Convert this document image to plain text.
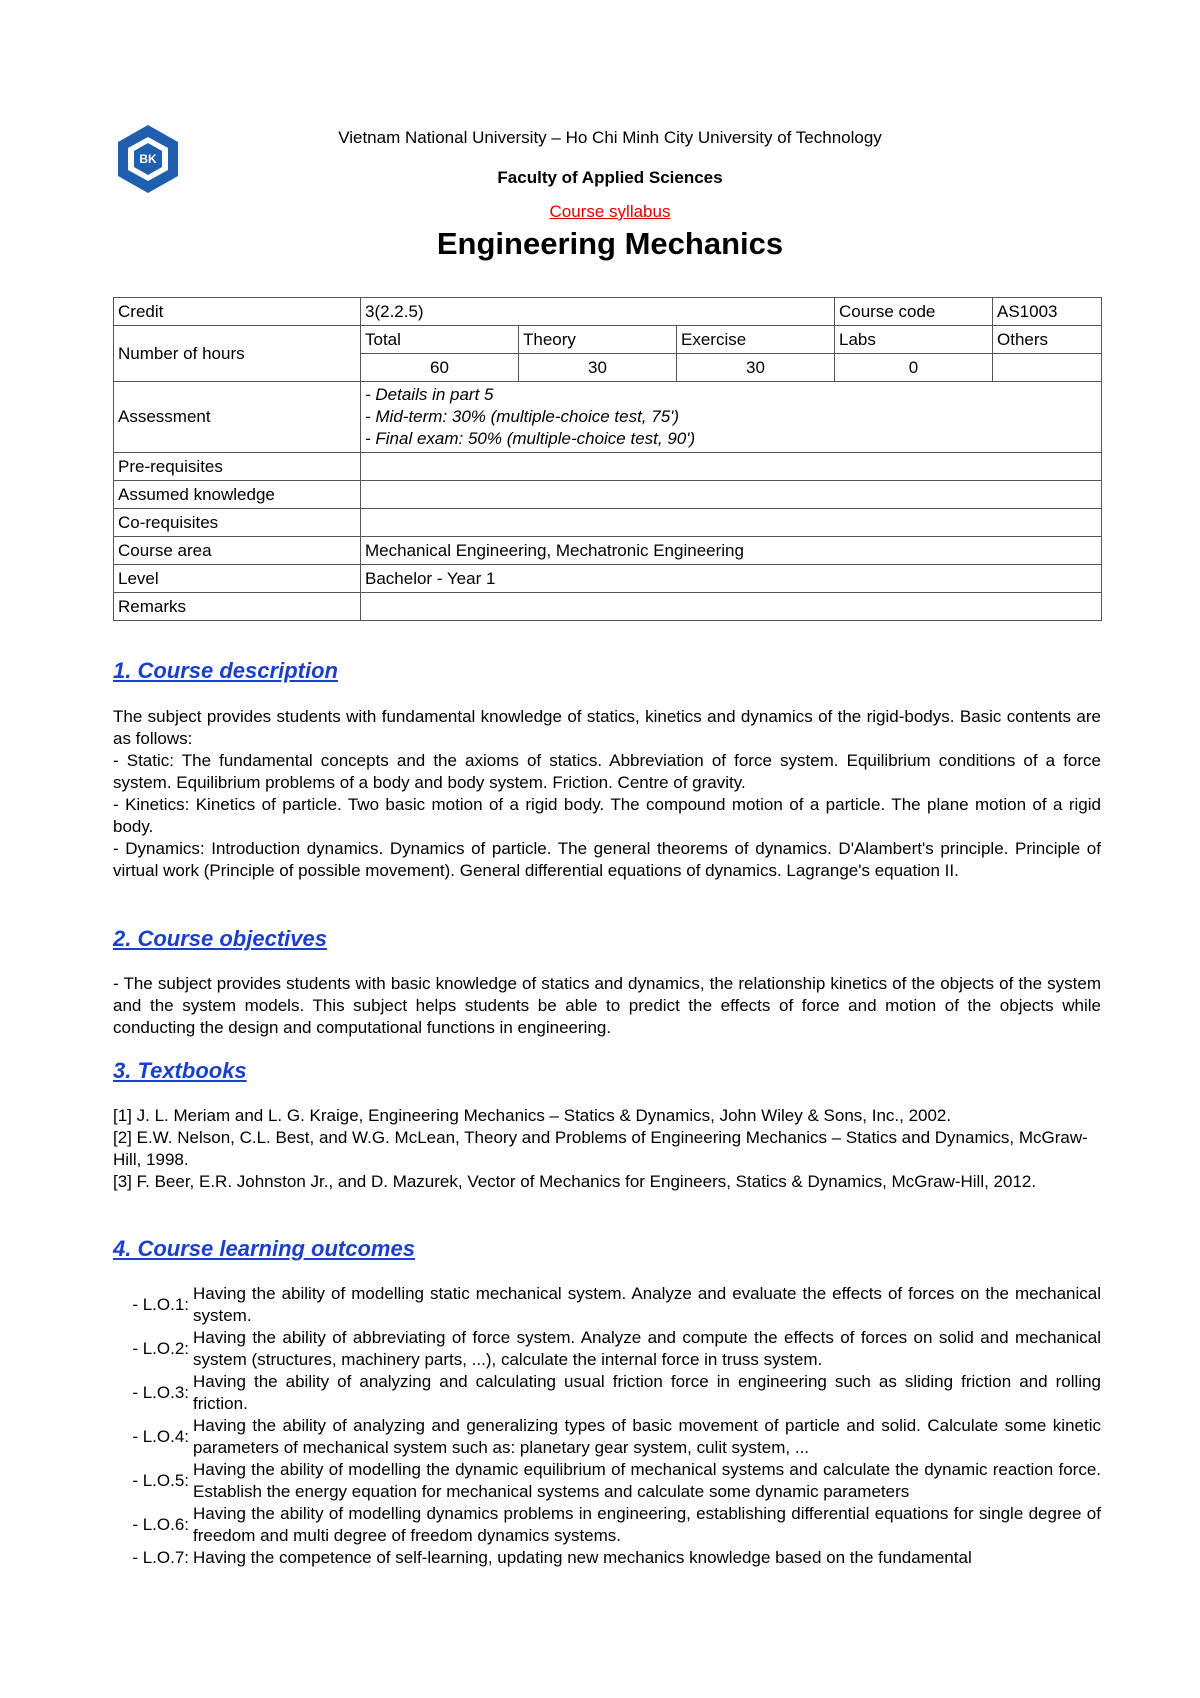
BK
Vietnam National University – Ho Chi Minh City University of Technology
Faculty of Applied Sciences
Course syllabus
Engineering Mechanics
Credit	3(2.2.5)			Course code	AS1003
Number of hours	Total	Theory	Exercise	Labs	Others
	60	30	30	0	
Assessment	- Details in part 5
- Mid-term: 30% (multiple-choice test, 75')
- Final exam: 50% (multiple-choice test, 90')				

Pre-requisites					
Assumed knowledge					
Co-requisites					
Course area	Mechanical Engineering, Mechatronic Engineering				
Level	Bachelor - Year 1				
Remarks					
1. Course description

The subject provides students with fundamental knowledge of statics, kinetics and dynamics of the rigid-bodys. Basic contents are as follows:

- Static: The fundamental concepts and the axioms of statics. Abbreviation of force system. Equilibrium conditions of a force system. Equilibrium problems of a body and body system. Friction. Centre of gravity.

- Kinetics: Kinetics of particle. Two basic motion of a rigid body. The compound motion of a particle. The plane motion of a rigid body.

- Dynamics: Introduction dynamics. Dynamics of particle. The general theorems of dynamics. D'Alambert's principle. Principle of virtual work (Principle of possible movement). General differential equations of dynamics. Lagrange's equation II.

2. Course objectives

- The subject provides students with basic knowledge of statics and dynamics, the relationship kinetics of the objects of the system and the system models. This subject helps students be able to predict the effects of force and motion of the objects while conducting the design and computational functions in engineering.

3. Textbooks

[1] J. L. Meriam and L. G. Kraige, Engineering Mechanics – Statics & Dynamics, John Wiley & Sons, Inc., 2002.

[2] E.W. Nelson, C.L. Best, and W.G. McLean, Theory and Problems of Engineering Mechanics – Statics and Dynamics, McGraw-Hill, 1998.

[3] F. Beer, E.R. Johnston Jr., and D. Mazurek, Vector of Mechanics for Engineers, Statics & Dynamics, McGraw-Hill, 2012.

4. Course learning outcomes
- L.O.1:
Having the ability of modelling static mechanical system. Analyze and evaluate the effects of forces on the mechanical system.
- L.O.2:
Having the ability of abbreviating of force system. Analyze and compute the effects of forces on solid and mechanical system (structures, machinery parts, ...), calculate the internal force in truss system.
- L.O.3:
Having the ability of analyzing and calculating usual friction force in engineering such as sliding friction and rolling friction.
- L.O.4:
Having the ability of analyzing and generalizing types of basic movement of particle and solid. Calculate some kinetic parameters of mechanical system such as: planetary gear system, culit system, ...
- L.O.5:
Having the ability of modelling the dynamic equilibrium of mechanical systems and calculate the dynamic reaction force. Establish the energy equation for mechanical systems and calculate some dynamic parameters
- L.O.6:
Having the ability of modelling dynamics problems in engineering, establishing differential equations for single degree of freedom and multi degree of freedom dynamics systems.
- L.O.7: Having the competence of self-learning, updating new mechanics knowledge based on the fundamental
